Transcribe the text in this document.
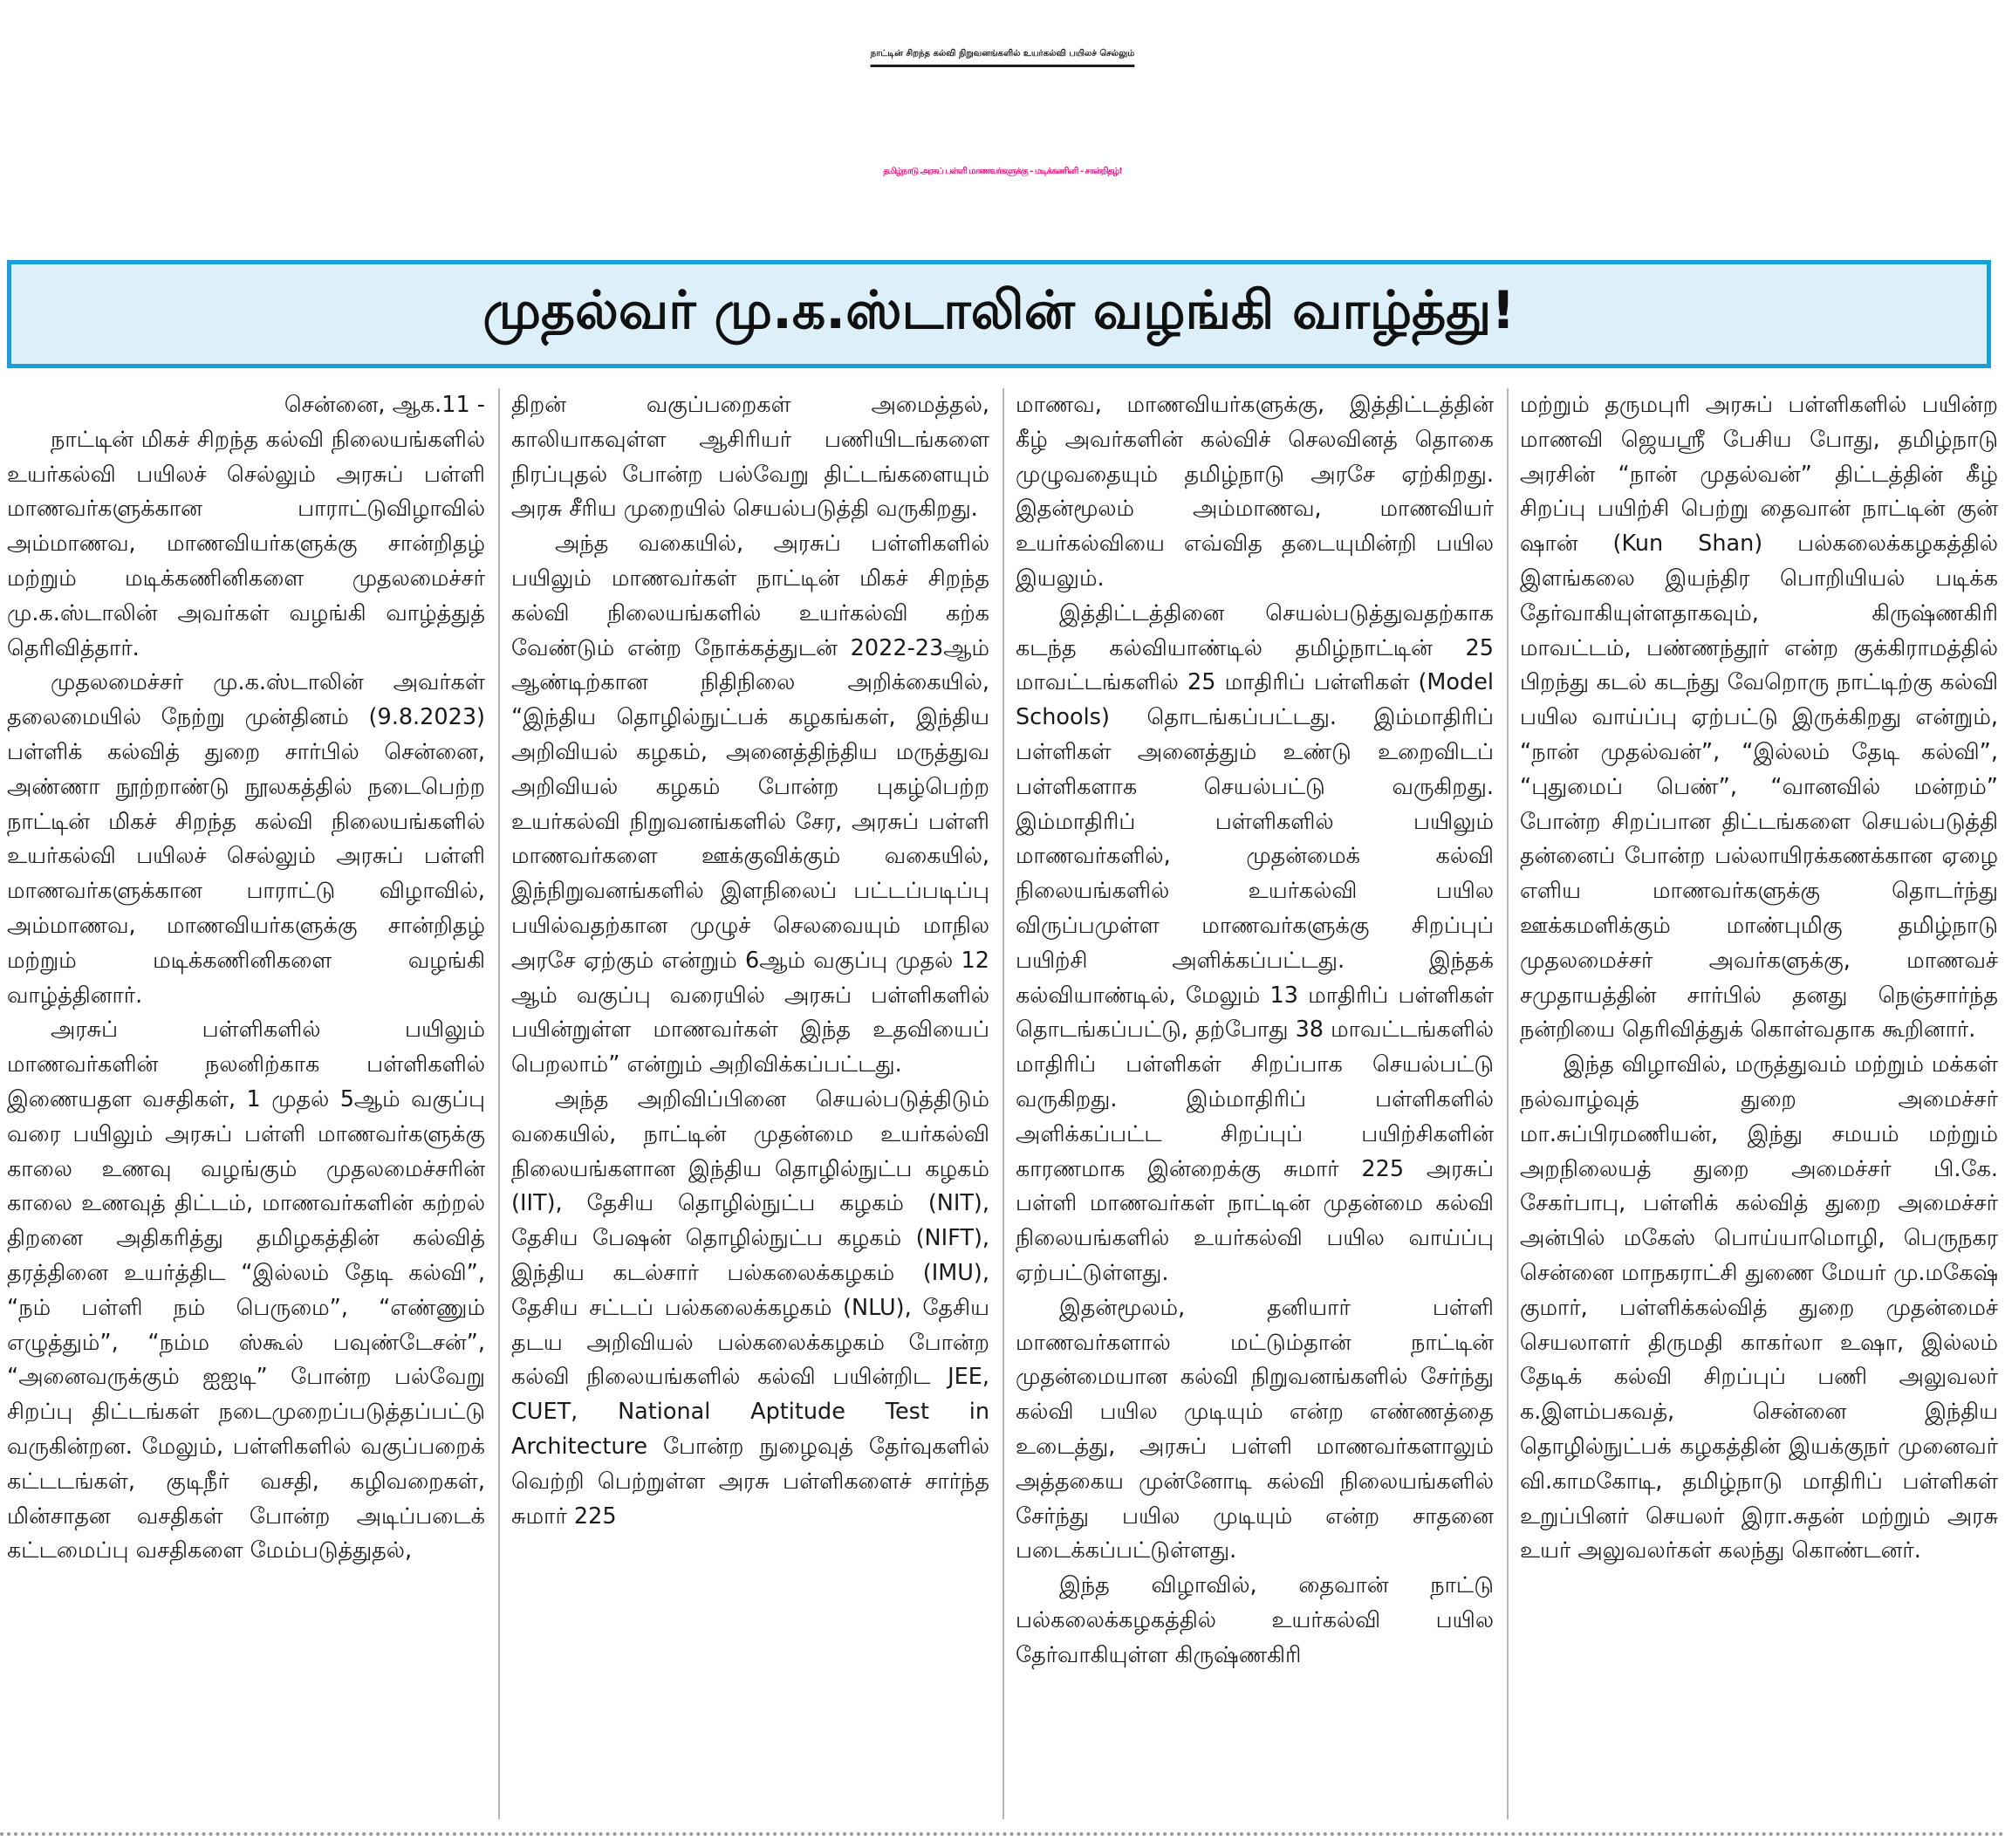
நாட்டின் சிறந்த கல்வி நிறுவனங்களில் உயர்கல்வி பயிலச் செல்லும்
தமிழ்நாடு அரசுப் பள்ளி மாணவர்களுக்கு - மடிக்கணினி - சான்றிதழ்!
முதல்வர் மு.க.ஸ்டாலின் வழங்கி வாழ்த்து!

சென்னை, ஆக.11 -

நாட்டின் மிகச் சிறந்த கல்வி நிலையங்களில் உயர்கல்வி பயிலச் செல்லும் அரசுப் பள்ளி மாணவர்களுக்கான பாராட்டுவிழாவில் அம்மாணவ, மாணவியர்களுக்கு சான்றிதழ் மற்றும் மடிக்கணினிகளை முதலமைச்சர் மு.க.ஸ்டாலின் அவர்கள் வழங்கி வாழ்த்துத் தெரிவித்தார்.

முதலமைச்சர் மு.க.ஸ்டாலின் அவர்கள் தலைமையில் நேற்று முன்தினம் (9.8.2023) பள்ளிக் கல்வித் துறை சார்பில் சென்னை, அண்ணா நூற்றாண்டு நூலகத்தில் நடைபெற்ற நாட்டின் மிகச் சிறந்த கல்வி நிலையங்களில் உயர்கல்வி பயிலச் செல்லும் அரசுப் பள்ளி மாணவர்களுக்கான பாராட்டு விழாவில், அம்மாணவ, மாணவியர்களுக்கு சான்றிதழ் மற்றும் மடிக்கணினிகளை வழங்கி வாழ்த்தினார்.

அரசுப் பள்ளிகளில் பயிலும் மாணவர்களின் நலனிற்காக பள்ளிகளில் இணையதள வசதிகள், 1 முதல் 5ஆம் வகுப்பு வரை பயிலும் அரசுப் பள்ளி மாணவர்களுக்கு காலை உணவு வழங்கும் முதலமைச்சரின் காலை உணவுத் திட்டம், மாணவர்களின் கற்றல் திறனை அதிகரித்து தமிழகத்தின் கல்வித் தரத்தினை உயர்த்திட “இல்லம் தேடி கல்வி”, “நம் பள்ளி நம் பெருமை”, “எண்ணும் எழுத்தும்”, “நம்ம ஸ்கூல் பவுண்டேசன்”, “அனைவருக்கும் ஐஐடி” போன்ற பல்வேறு சிறப்பு திட்டங்கள் நடைமுறைப்படுத்தப்பட்டு வருகின்றன. மேலும், பள்ளிகளில் வகுப்பறைக் கட்டடங்கள், குடிநீர் வசதி, கழிவறைகள், மின்சாதன வசதிகள் போன்ற அடிப்படைக் கட்டமைப்பு வசதிகளை மேம்படுத்துதல்,

திறன் வகுப்பறைகள் அமைத்தல், காலியாகவுள்ள ஆசிரியர் பணியிடங்களை நிரப்புதல் போன்ற பல்வேறு திட்டங்களையும் அரசு சீரிய முறையில் செயல்படுத்தி வருகிறது.

அந்த வகையில், அரசுப் பள்ளிகளில் பயிலும் மாணவர்கள் நாட்டின் மிகச் சிறந்த கல்வி நிலையங்களில் உயர்கல்வி கற்க வேண்டும் என்ற நோக்கத்துடன் 2022-23ஆம் ஆண்டிற்கான நிதிநிலை அறிக்கையில், “இந்திய தொழில்நுட்பக் கழகங்கள், இந்திய அறிவியல் கழகம், அனைத்திந்திய மருத்துவ அறிவியல் கழகம் போன்ற புகழ்பெற்ற உயர்கல்வி நிறுவனங்களில் சேர, அரசுப் பள்ளி மாணவர்களை ஊக்குவிக்கும் வகையில், இந்நிறுவனங்களில் இளநிலைப் பட்டப்படிப்பு பயில்வதற்கான முழுச் செலவையும் மாநில அரசே ஏற்கும் என்றும் 6ஆம் வகுப்பு முதல் 12 ஆம் வகுப்பு வரையில் அரசுப் பள்ளிகளில் பயின்றுள்ள மாணவர்கள் இந்த உதவியைப் பெறலாம்” என்றும் அறிவிக்கப்பட்டது.

அந்த அறிவிப்பினை செயல்படுத்திடும் வகையில், நாட்டின் முதன்மை உயர்கல்வி நிலையங்களான இந்திய தொழில்நுட்ப கழகம் (IIT), தேசிய தொழில்நுட்ப கழகம் (NIT), தேசிய பேஷன் தொழில்நுட்ப கழகம் (NIFT), இந்திய கடல்சார் பல்கலைக்கழகம் (IMU), தேசிய சட்டப் பல்கலைக்கழகம் (NLU), தேசிய தடய அறிவியல் பல்கலைக்கழகம் போன்ற கல்வி நிலையங்களில் கல்வி பயின்றிட JEE, CUET, National Aptitude Test in Architecture போன்ற நுழைவுத் தேர்வுகளில் வெற்றி பெற்றுள்ள அரசு பள்ளிகளைச் சார்ந்த சுமார் 225

மாணவ, மாணவியர்களுக்கு, இத்திட்டத்தின் கீழ் அவர்களின் கல்விச் செலவினத் தொகை முழுவதையும் தமிழ்நாடு அரசே ஏற்கிறது. இதன்மூலம் அம்மாணவ, மாணவியர் உயர்கல்வியை எவ்வித தடையுமின்றி பயில இயலும்.

இத்திட்டத்தினை செயல்படுத்துவதற்காக கடந்த கல்வியாண்டில் தமிழ்நாட்டின் 25 மாவட்டங்களில் 25 மாதிரிப் பள்ளிகள் (Model Schools) தொடங்கப்பட்டது. இம்மாதிரிப் பள்ளிகள் அனைத்தும் உண்டு உறைவிடப் பள்ளிகளாக செயல்பட்டு வருகிறது. இம்மாதிரிப் பள்ளிகளில் பயிலும் மாணவர்களில், முதன்மைக் கல்வி நிலையங்களில் உயர்கல்வி பயில விருப்பமுள்ள மாணவர்களுக்கு சிறப்புப் பயிற்சி அளிக்கப்பட்டது. இந்தக் கல்வியாண்டில், மேலும் 13 மாதிரிப் பள்ளிகள் தொடங்கப்பட்டு, தற்போது 38 மாவட்டங்களில் மாதிரிப் பள்ளிகள் சிறப்பாக செயல்பட்டு வருகிறது. இம்மாதிரிப் பள்ளிகளில் அளிக்கப்பட்ட சிறப்புப் பயிற்சிகளின் காரணமாக இன்றைக்கு சுமார் 225 அரசுப் பள்ளி மாணவர்கள் நாட்டின் முதன்மை கல்வி நிலையங்களில் உயர்கல்வி பயில வாய்ப்பு ஏற்பட்டுள்ளது.

இதன்மூலம், தனியார் பள்ளி மாணவர்களால் மட்டும்தான் நாட்டின் முதன்மையான கல்வி நிறுவனங்களில் சேர்ந்து கல்வி பயில முடியும் என்ற எண்ணத்தை உடைத்து, அரசுப் பள்ளி மாணவர்களாலும் அத்தகைய முன்னோடி கல்வி நிலையங்களில் சேர்ந்து பயில முடியும் என்ற சாதனை படைக்கப்பட்டுள்ளது.

இந்த விழாவில், தைவான் நாட்டு பல்கலைக்கழகத்தில் உயர்கல்வி பயில தேர்வாகியுள்ள கிருஷ்ணகிரி

மற்றும் தருமபுரி அரசுப் பள்ளிகளில் பயின்ற மாணவி ஜெயஸ்ரீ பேசிய போது, தமிழ்நாடு அரசின் “நான் முதல்வன்” திட்டத்தின் கீழ் சிறப்பு பயிற்சி பெற்று தைவான் நாட்டின் குன் ஷான் (Kun Shan) பல்கலைக்கழகத்தில் இளங்கலை இயந்திர பொறியியல் படிக்க தேர்வாகியுள்ளதாகவும், கிருஷ்ணகிரி மாவட்டம், பண்ணந்தூர் என்ற குக்கிராமத்தில் பிறந்து கடல் கடந்து வேறொரு நாட்டிற்கு கல்வி பயில வாய்ப்பு ஏற்பட்டு இருக்கிறது என்றும், “நான் முதல்வன்”, “இல்லம் தேடி கல்வி”, “புதுமைப் பெண்”, “வானவில் மன்றம்” போன்ற சிறப்பான திட்டங்களை செயல்படுத்தி தன்னைப் போன்ற பல்லாயிரக்கணக்கான ஏழை எளிய மாணவர்களுக்கு தொடர்ந்து ஊக்கமளிக்கும் மாண்புமிகு தமிழ்நாடு முதலமைச்சர் அவர்களுக்கு, மாணவச் சமுதாயத்தின் சார்பில் தனது நெஞ்சார்ந்த நன்றியை தெரிவித்துக் கொள்வதாக கூறினார்.

இந்த விழாவில், மருத்துவம் மற்றும் மக்கள் நல்வாழ்வுத் துறை அமைச்சர் மா.சுப்பிரமணியன், இந்து சமயம் மற்றும் அறநிலையத் துறை அமைச்சர் பி.கே. சேகர்பாபு, பள்ளிக் கல்வித் துறை அமைச்சர் அன்பில் மகேஸ் பொய்யாமொழி, பெருநகர சென்னை மாநகராட்சி துணை மேயர் மு.மகேஷ் குமார், பள்ளிக்கல்வித் துறை முதன்மைச் செயலாளர் திருமதி காகர்லா உஷா, இல்லம் தேடிக் கல்வி சிறப்புப் பணி அலுவலர் க.இளம்பகவத், சென்னை இந்திய தொழில்நுட்பக் கழகத்தின் இயக்குநர் முனைவர் வி.காமகோடி, தமிழ்நாடு மாதிரிப் பள்ளிகள் உறுப்பினர் செயலர் இரா.சுதன் மற்றும் அரசு உயர் அலுவலர்கள் கலந்து கொண்டனர்.
